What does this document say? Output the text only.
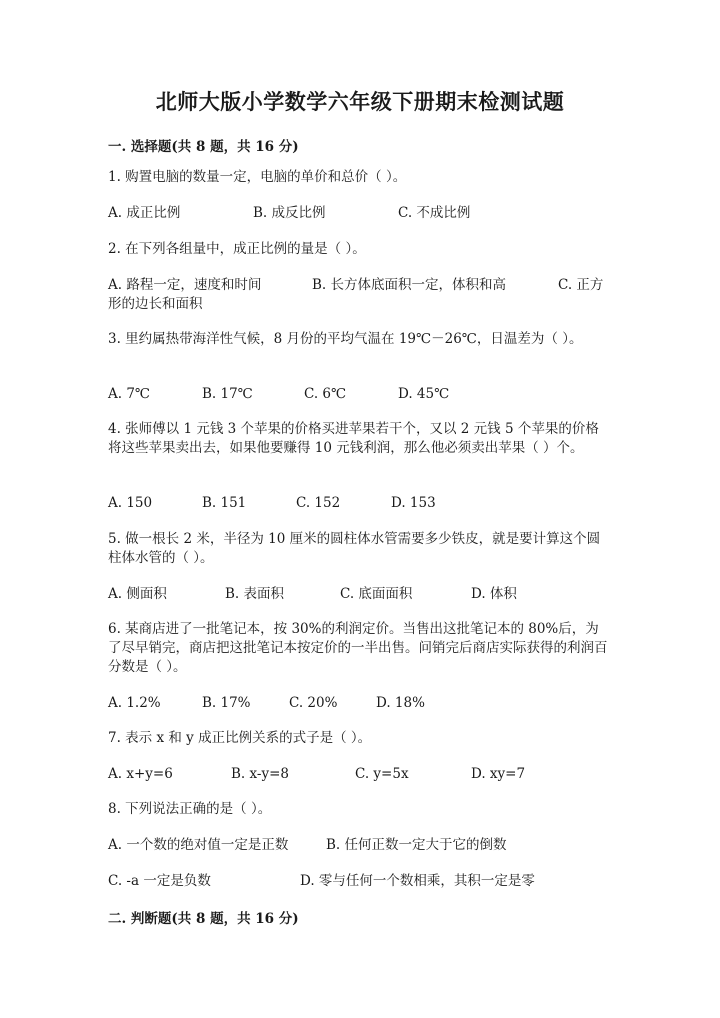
北师大版小学数学六年级下册期末检测试题
一. 选择题(共 8 题，共 16 分)
1. 购置电脑的数量一定，电脑的单价和总价（ ）。
A. 成正比例	B. 成反比例	C. 不成比例
2. 在下列各组量中，成正比例的量是（ ）。
A. 路程一定，速度和时间	B. 长方体底面积一定，体积和高	C. 正方形的边长和面积
3. 里约属热带海洋性气候，8 月份的平均气温在 19℃－26℃，日温差为（ ）。
A. 7℃	B. 17℃	C. 6℃	D. 45℃
4. 张师傅以 1 元钱 3 个苹果的价格买进苹果若干个，又以 2 元钱 5 个苹果的价格将这些苹果卖出去，如果他要赚得 10 元钱利润，那么他必须卖出苹果（ ）个。
A. 150	B. 151	C. 152	D. 153
5. 做一根长 2 米，半径为 10 厘米的圆柱体水管需要多少铁皮，就是要计算这个圆柱体水管的（ ）。
A. 侧面积	B. 表面积	C. 底面面积	D. 体积
6. 某商店进了一批笔记本，按 30%的利润定价。当售出这批笔记本的 80%后，为了尽早销完，商店把这批笔记本按定价的一半出售。问销完后商店实际获得的利润百分数是（ ）。
A. 1.2%	B. 17%	C. 20%	D. 18%
7. 表示 x 和 y 成正比例关系的式子是（ ）。
A. x+y=6	B. x-y=8	C. y=5x	D. xy=7
8. 下列说法正确的是（ ）。
A. 一个数的绝对值一定是正数	B. 任何正数一定大于它的倒数
C. -a 一定是负数	D. 零与任何一个数相乘，其积一定是零
二. 判断题(共 8 题，共 16 分)
